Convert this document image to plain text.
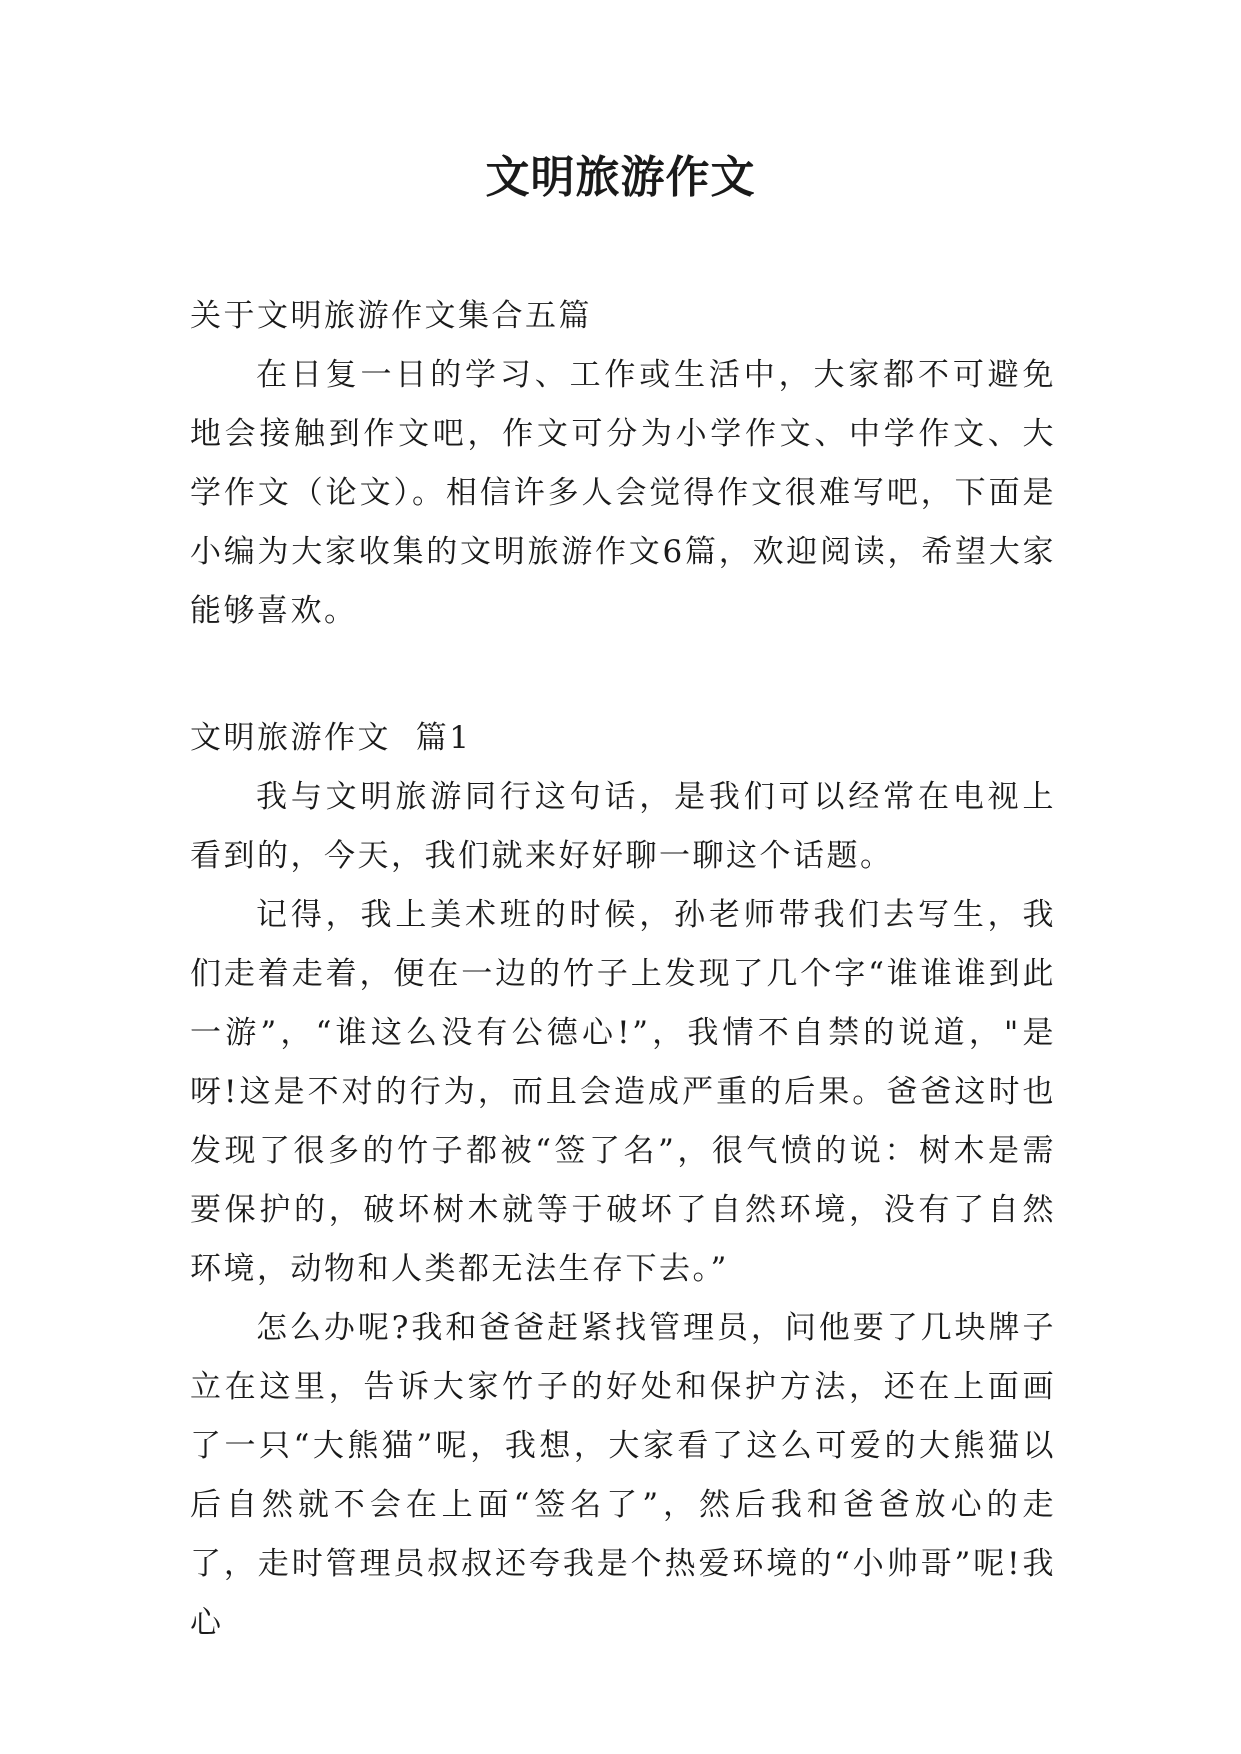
文明旅游作文

关于文明旅游作文集合五篇

在日复一日的学习、工作或生活中，大家都不可避免地会接触到作文吧，作文可分为小学作文、中学作文、大学作文（论文）。相信许多人会觉得作文很难写吧，下面是小编为大家收集的文明旅游作文6篇，欢迎阅读，希望大家能够喜欢。

文明旅游作文  篇1

我与文明旅游同行这句话，是我们可以经常在电视上看到的，今天，我们就来好好聊一聊这个话题。

记得，我上美术班的时候，孙老师带我们去写生，我们走着走着，便在一边的竹子上发现了几个字“谁谁谁到此一游”，“谁这么没有公德心!”，我情不自禁的说道，"是呀!这是不对的行为，而且会造成严重的后果。爸爸这时也发现了很多的竹子都被“签了名”，很气愤的说：树木是需要保护的，破坏树木就等于破坏了自然环境，没有了自然环境，动物和人类都无法生存下去。”

怎么办呢?我和爸爸赶紧找管理员，问他要了几块牌子立在这里，告诉大家竹子的好处和保护方法，还在上面画了一只“大熊猫”呢，我想，大家看了这么可爱的大熊猫以后自然就不会在上面“签名了”，然后我和爸爸放心的走了，走时管理员叔叔还夸我是个热爱环境的“小帅哥”呢!我心
